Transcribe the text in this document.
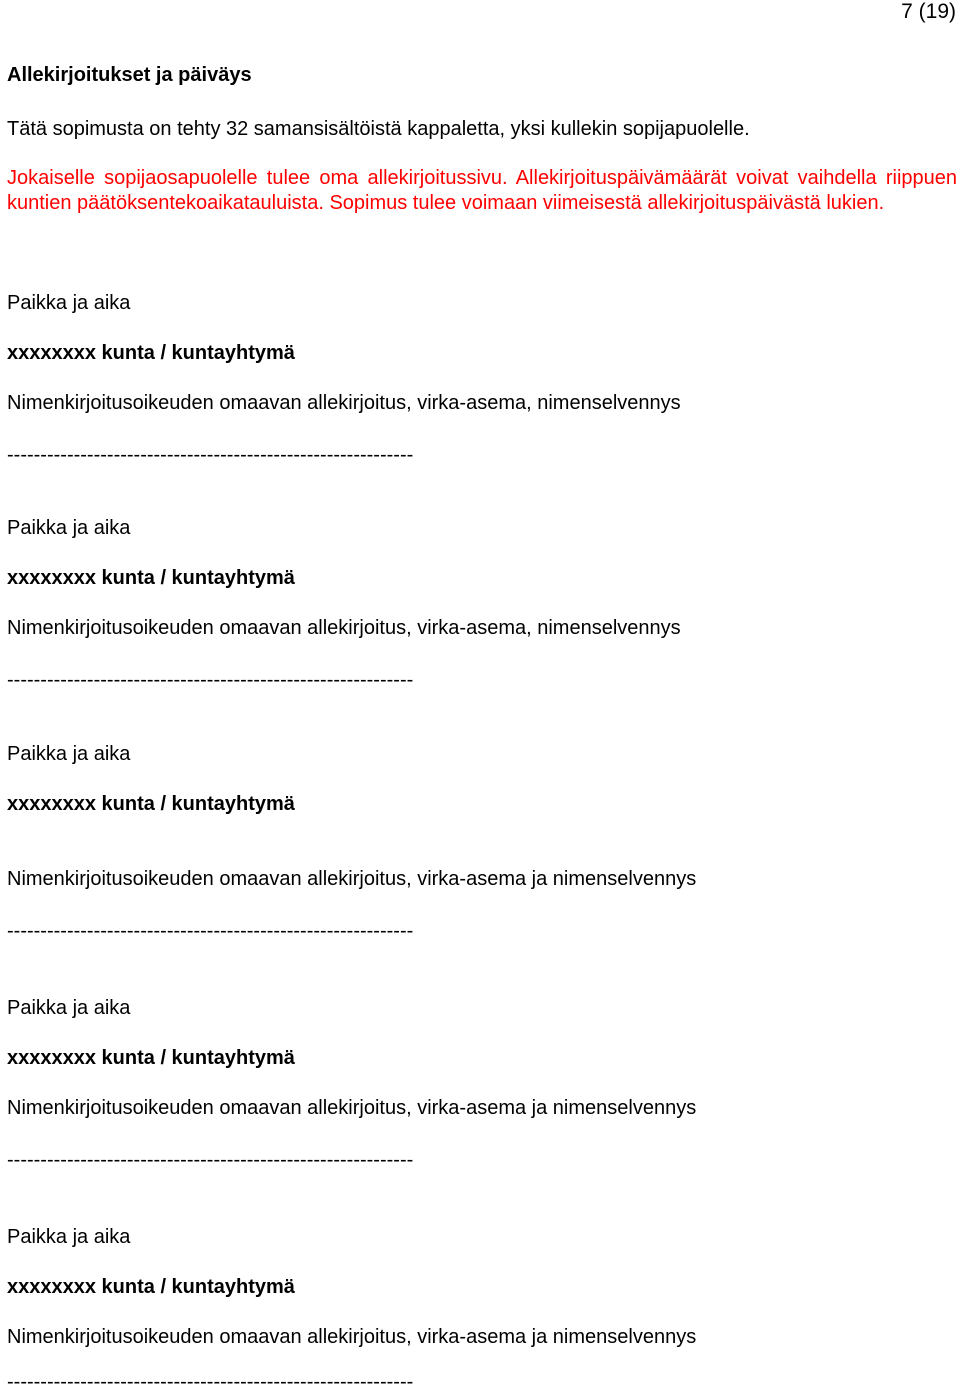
7 (19)
Allekirjoitukset ja päiväys
Tätä sopimusta on tehty 32 samansisältöistä kappaletta, yksi kullekin sopijapuolelle.
Jokaiselle sopijaosapuolelle tulee oma allekirjoitussivu. Allekirjoituspäivämäärät voivat vaihdella riippuen kuntien päätöksentekoaikatauluista. Sopimus tulee voimaan viimeisestä allekirjoituspäivästä lukien.
Paikka ja aika
xxxxxxxx kunta / kuntayhtymä
Nimenkirjoitusoikeuden omaavan allekirjoitus, virka-asema, nimenselvennys
-------------------------------------------------------------
Paikka ja aika
xxxxxxxx kunta / kuntayhtymä
Nimenkirjoitusoikeuden omaavan allekirjoitus, virka-asema, nimenselvennys
-------------------------------------------------------------
Paikka ja aika
xxxxxxxx kunta / kuntayhtymä
Nimenkirjoitusoikeuden omaavan allekirjoitus, virka-asema ja nimenselvennys
-------------------------------------------------------------
Paikka ja aika
xxxxxxxx kunta / kuntayhtymä
Nimenkirjoitusoikeuden omaavan allekirjoitus, virka-asema ja nimenselvennys
-------------------------------------------------------------
Paikka ja aika
xxxxxxxx kunta / kuntayhtymä
Nimenkirjoitusoikeuden omaavan allekirjoitus, virka-asema ja nimenselvennys
-------------------------------------------------------------
